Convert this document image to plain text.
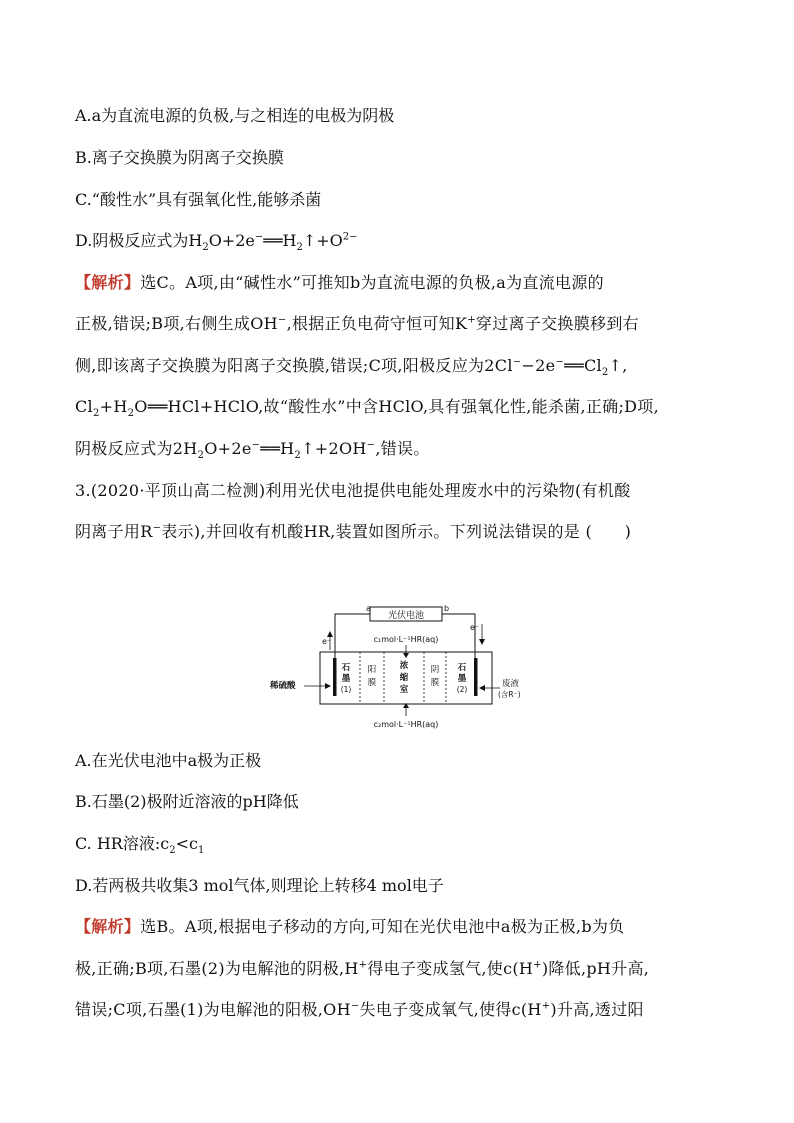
A.a为直流电源的负极,与之相连的电极为阴极
B.离子交换膜为阴离子交换膜
C.“酸性水”具有强氧化性,能够杀菌
D.阴极反应式为$H_2O+2e^-══H_2↑+O^{2-}$
【解析】选C。A项,由“碱性水”可推知b为直流电源的负极,a为直流电源的
正极,错误;B项,右侧生成OH−,根据正负电荷守恒可知K+穿过离子交换膜移到右
侧,即该离子交换膜为阳离子交换膜,错误;C项,阳极反应为$2Cl^--2e^-══Cl_2↑$,
$Cl_2+H_2O══HCl+HClO$,故“酸性水”中含HClO,具有强氧化性,能杀菌,正确;D项,
阴极反应式为$2H_2O+2e^-══H_2↑+2OH^-$,错误。
3.(2020·平顶山高二检测)利用光伏电池提供电能处理废水中的污染物(有机酸
阴离子用R−表示),并回收有机酸HR,装置如图所示。下列说法错误的是 (　　)
光伏电池
a	b
e⁻
e⁻
c₁mol·L⁻¹HR(aq)
石
墨
(1)
阳
膜
浓
缩
室
阴
膜
石
墨
(2)
稀硫酸	废液
(含R⁻)
c₂mol·L⁻¹HR(aq)
A.在光伏电池中a极为正极
B.石墨(2)极附近溶液的pH降低
C. HR溶液$:c_2<c_1$
D.若两极共收集3 mol气体,则理论上转移4 mol电子
【解析】选B。A项,根据电子移动的方向,可知在光伏电池中a极为正极,b为负
极,正确;B项,石墨(2)为电解池的阴极,H+得电子变成氢气,使c(H+)降低,pH升高,
错误;C项,石墨(1)为电解池的阳极,OH−失电子变成氧气,使得c(H+)升高,透过阳
